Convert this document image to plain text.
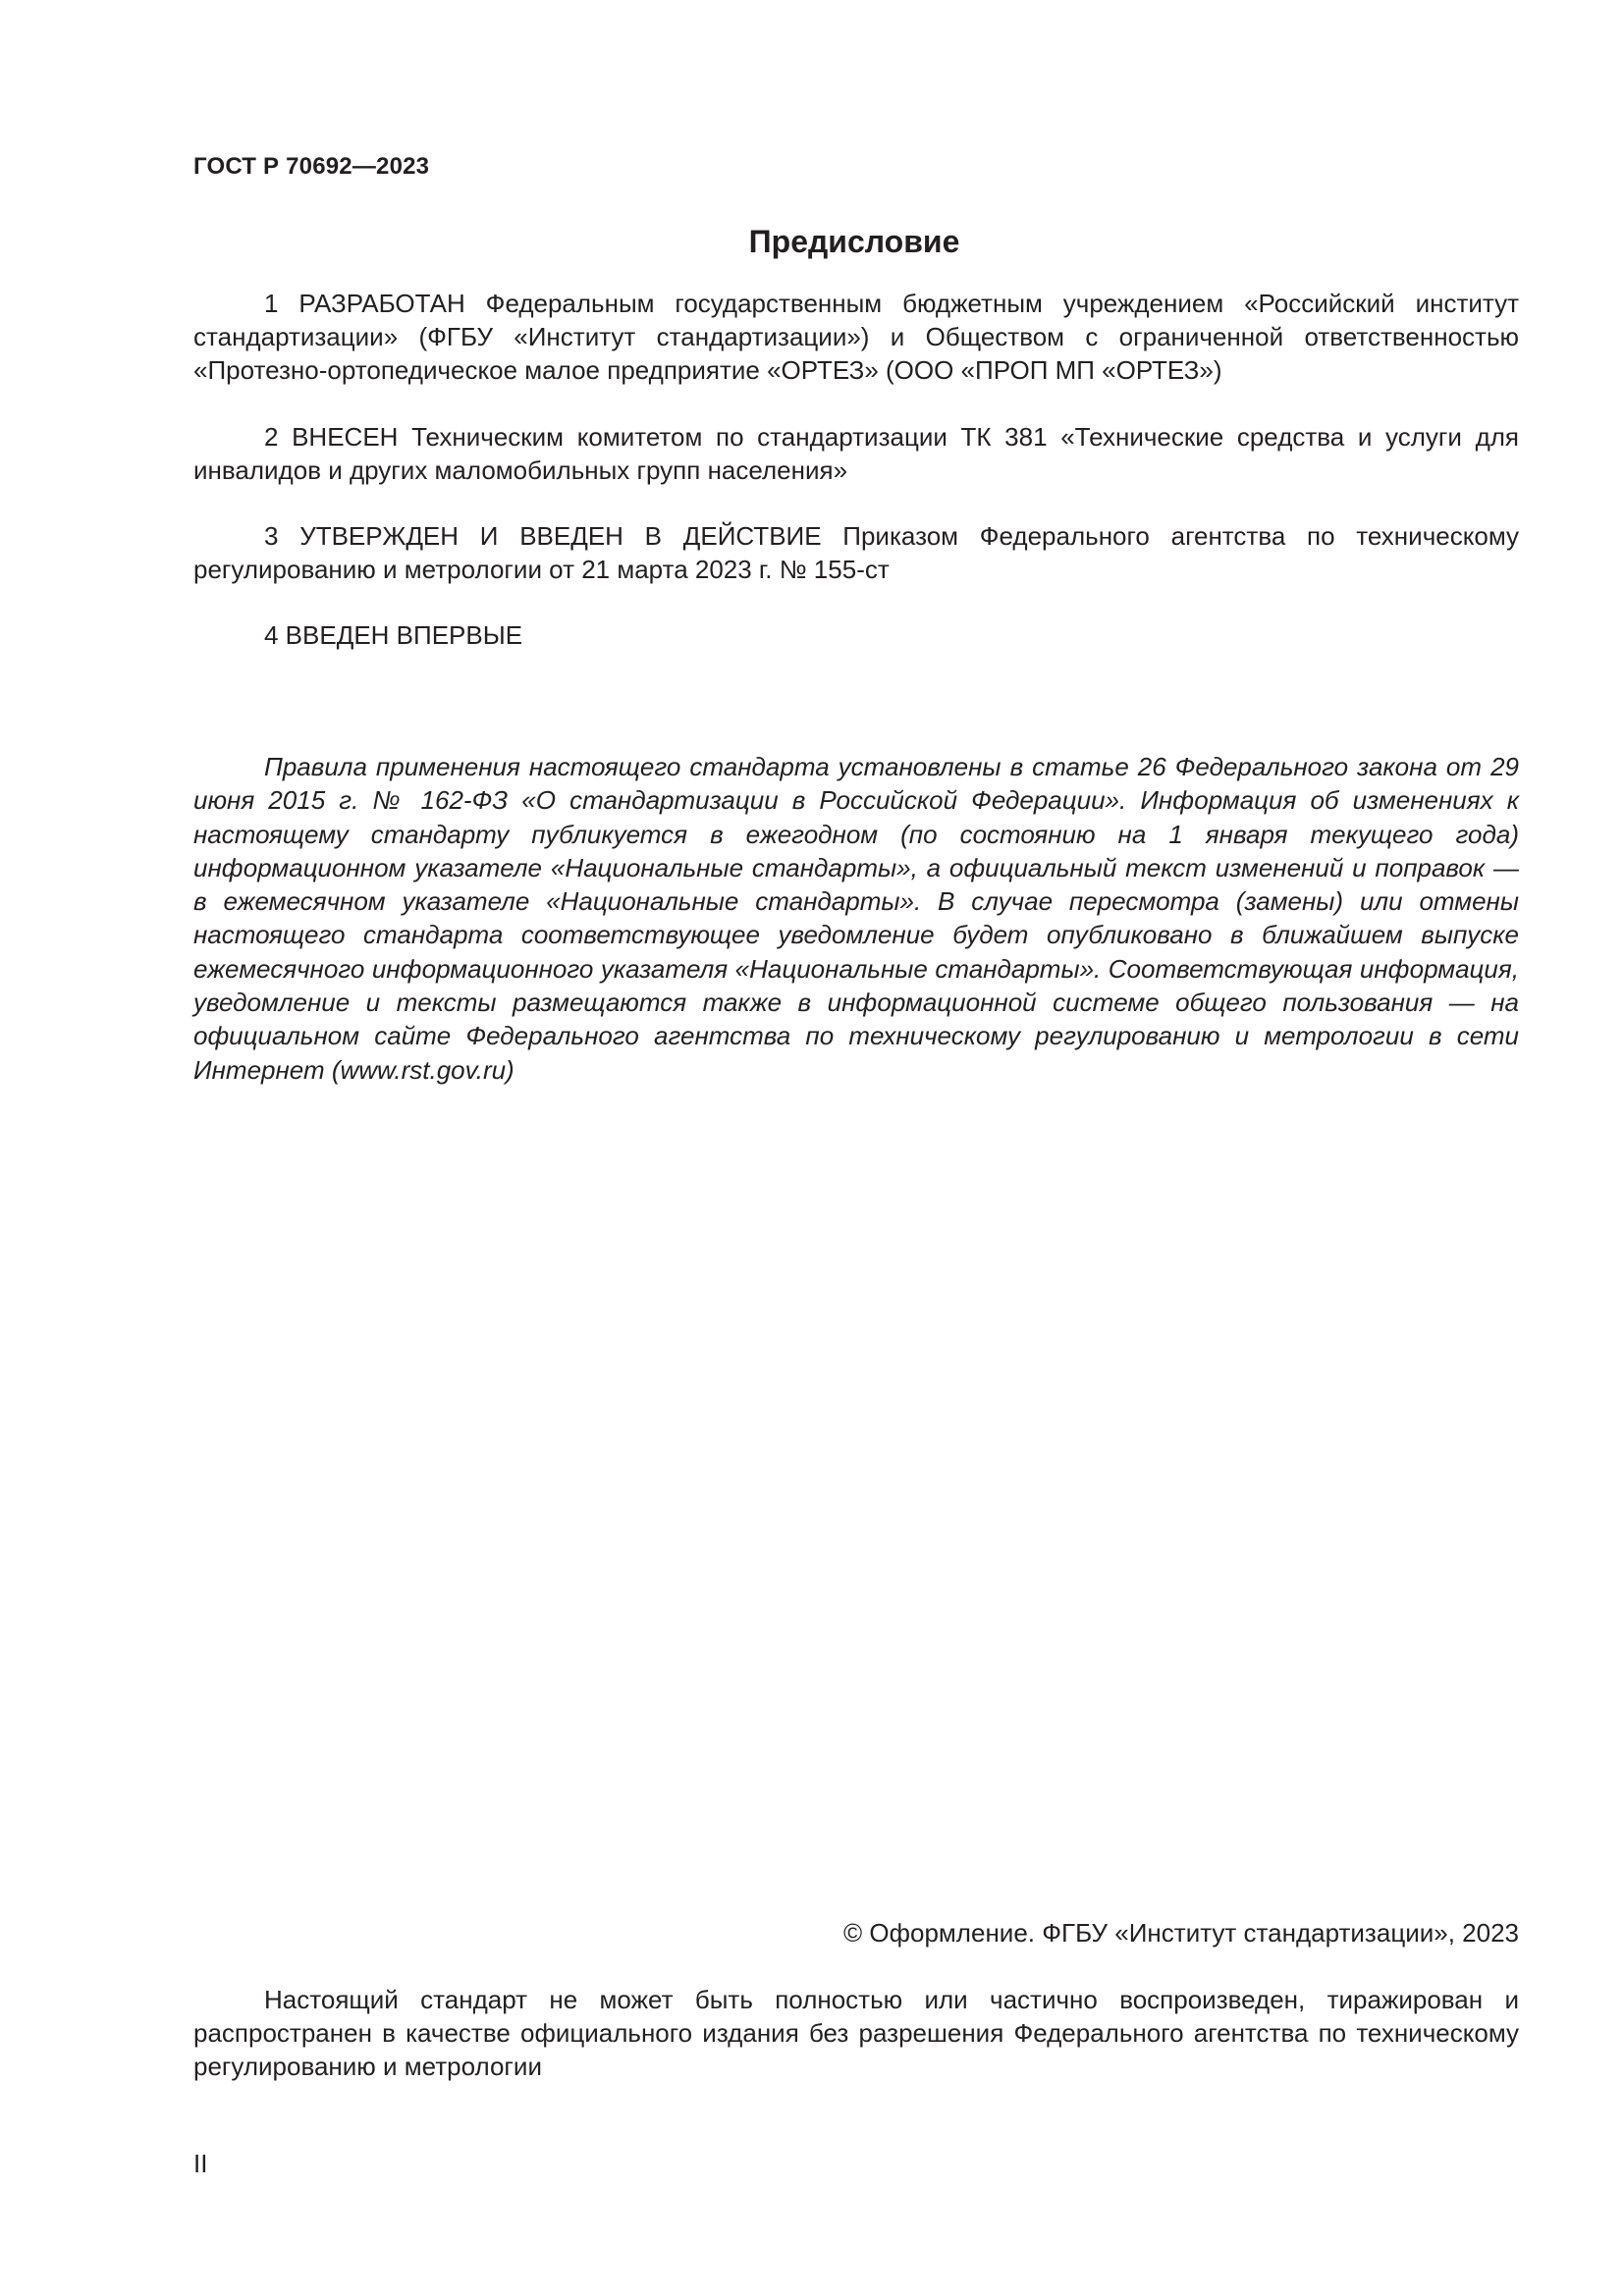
ГОСТ Р 70692—2023
Предисловие

1 РАЗРАБОТАН Федеральным государственным бюджетным учреждением «Российский институт стандартизации» (ФГБУ «Институт стандартизации») и Обществом с ограниченной ответственностью «Протезно-ортопедическое малое предприятие «ОРТЕЗ» (ООО «ПРОП МП «ОРТЕЗ»)

2 ВНЕСЕН Техническим комитетом по стандартизации ТК 381 «Технические средства и услуги для инвалидов и других маломобильных групп населения»

3 УТВЕРЖДЕН И ВВЕДЕН В ДЕЙСТВИЕ Приказом Федерального агентства по техническому регулированию и метрологии от 21 марта 2023 г. № 155-ст

4 ВВЕДЕН ВПЕРВЫЕ

Правила применения настоящего стандарта установлены в статье 26 Федерального закона от 29 июня 2015 г. № 162-ФЗ «О стандартизации в Российской Федерации». Информация об изменениях к настоящему стандарту публикуется в ежегодном (по состоянию на 1 января текущего года) информационном указателе «Национальные стандарты», а официальный текст изменений и поправок — в ежемесячном указателе «Национальные стандарты». В случае пересмотра (замены) или отмены настоящего стандарта соответствующее уведомление будет опубликовано в ближайшем выпуске ежемесячного информационного указателя «Национальные стандарты». Соответствующая информация, уведомление и тексты размещаются также в информационной системе общего пользования — на официальном сайте Федерального агентства по техническому регулированию и метрологии в сети Интернет (www.rst.gov.ru)

© Оформление. ФГБУ «Институт стандартизации», 2023

Настоящий стандарт не может быть полностью или частично воспроизведен, тиражирован и распространен в качестве официального издания без разрешения Федерального агентства по техническому регулированию и метрологии

II
